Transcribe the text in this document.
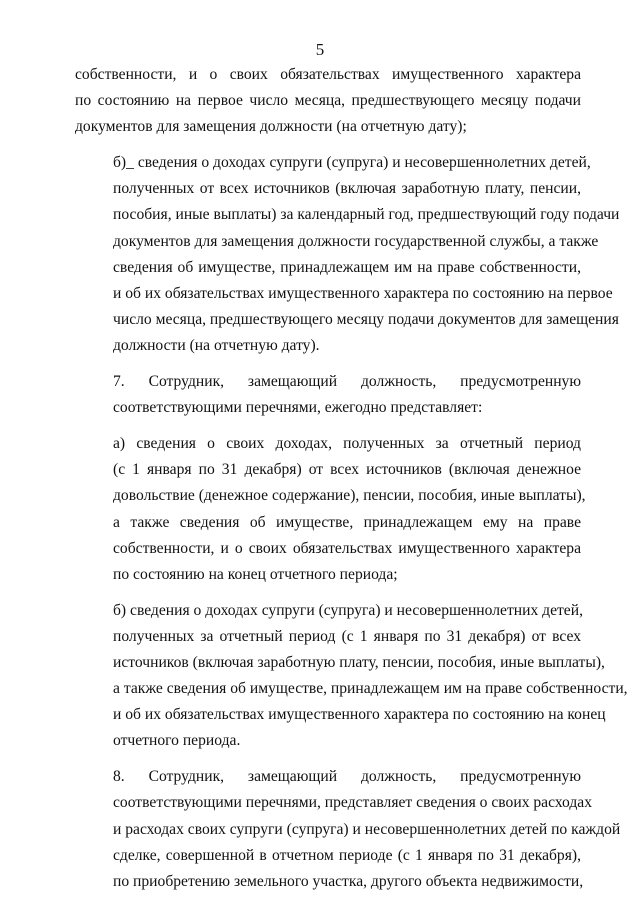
5
собственности, и о своих обязательствах имущественного характера
по состоянию на первое число месяца, предшествующего месяцу подачи
документов для замещения должности (на отчетную дату);
б)_ сведения о доходах супруги (супруга) и несовершеннолетних детей,
полученных от всех источников (включая заработную плату, пенсии,
пособия, иные выплаты) за календарный год, предшествующий году подачи
документов для замещения должности государственной службы, а также
сведения об имуществе, принадлежащем им на праве собственности,
и об их обязательствах имущественного характера по состоянию на первое
число месяца, предшествующего месяцу подачи документов для замещения
должности (на отчетную дату).
7. Сотрудник, замещающий должность, предусмотренную
соответствующими перечнями, ежегодно представляет:
а) сведения о своих доходах, полученных за отчетный период
(с 1 января по 31 декабря) от всех источников (включая денежное
довольствие (денежное содержание), пенсии, пособия, иные выплаты),
а также сведения об имуществе, принадлежащем ему на праве
собственности, и о своих обязательствах имущественного характера
по состоянию на конец отчетного периода;
б) сведения о доходах супруги (супруга) и несовершеннолетних детей,
полученных за отчетный период (с 1 января по 31 декабря) от всех
источников (включая заработную плату, пенсии, пособия, иные выплаты),
а также сведения об имуществе, принадлежащем им на праве собственности,
и об их обязательствах имущественного характера по состоянию на конец
отчетного периода.
8. Сотрудник, замещающий должность, предусмотренную
соответствующими перечнями, представляет сведения о своих расходах
и расходах своих супруги (супруга) и несовершеннолетних детей по каждой
сделке, совершенной в отчетном периоде (с 1 января по 31 декабря),
по приобретению земельного участка, другого объекта недвижимости,
